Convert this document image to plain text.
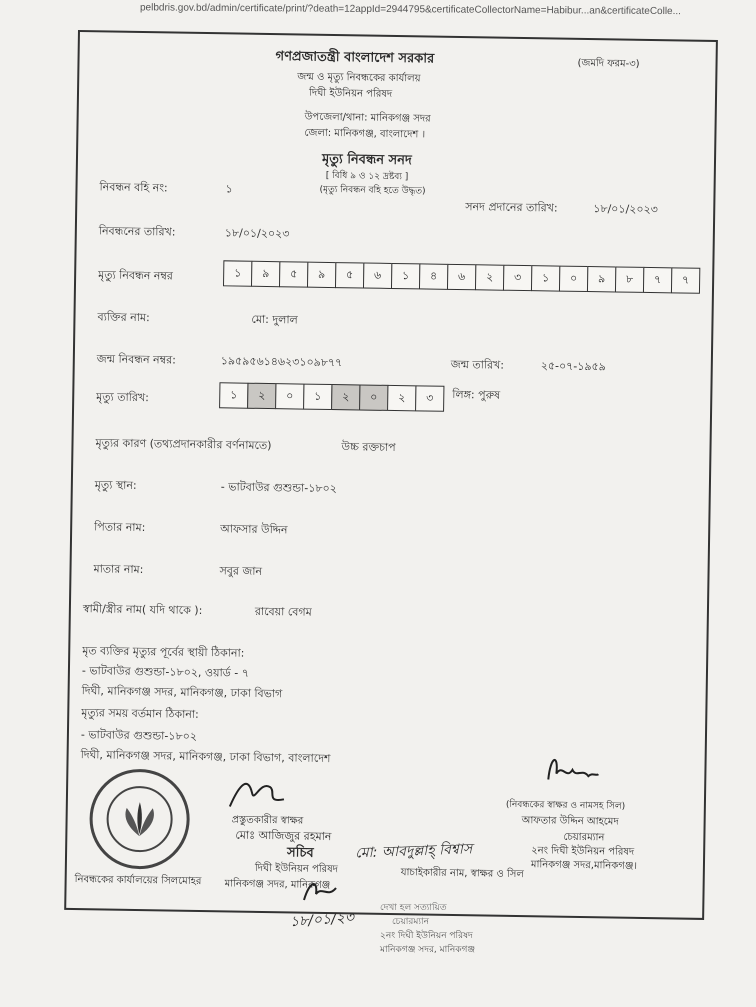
pelbdris.gov.bd/admin/certificate/print/?death=12appId=2944795&certificateCollectorName=Habibur...an&certificateColle...
গণপ্রজাতন্ত্রী বাংলাদেশ সরকার	(জমদি ফরম-৩)
জন্ম ও মৃত্যু নিবন্ধকের কার্যালয়
দিঘী ইউনিয়ন পরিষদ
উপজেলা/থানা: মানিকগঞ্জ সদর
জেলা: মানিকগঞ্জ, বাংলাদেশ ।
মৃত্যু নিবন্ধন সনদ
[ বিধি ৯ ও ১২ দ্রষ্টব্য ]
(মৃত্যু নিবন্ধন বহি হতে উদ্ধৃত)
নিবন্ধন বহি নং:	১
সনদ প্রদানের তারিখ:	১৮/০১/২০২৩
নিবন্ধনের তারিখ:	১৮/০১/২০২৩
মৃত্যু নিবন্ধন নম্বর	১	৯	৫	৯	৫	৬	১	৪	৬	২	৩	১	০	৯	৮	৭	৭
ব্যক্তির নাম:	মো: দুলাল
জন্ম নিবন্ধন নম্বর:	১৯৫৯৫৬১৪৬২৩১০৯৮৭৭	জন্ম তারিখ:	২৫-০৭-১৯৫৯
মৃত্যু তারিখ:	১	২	০	১	২	০	২	৩	লিঙ্গ: পুরুষ
মৃত্যুর কারণ (তথ্যপ্রদানকারীর বর্ণনামতে)	উচ্চ রক্তচাপ
মৃত্যু স্থান:	- ভাটবাউর গুশুন্ডা-১৮০২
পিতার নাম:	আফসার উদ্দিন
মাতার নাম:	সবুর জান
স্বামী/স্ত্রীর নাম( যদি থাকে ):	রাবেয়া বেগম
মৃত ব্যক্তির মৃত্যুর পূর্বের স্থায়ী ঠিকানা:
- ভাটবাউর গুশুন্ডা-১৮০২, ওয়ার্ড - ৭
দিঘী, মানিকগঞ্জ সদর, মানিকগঞ্জ, ঢাকা বিভাগ
মৃত্যুর সময় বর্তমান ঠিকানা:
- ভাটবাউর গুশুন্ডা-১৮০২
দিঘী, মানিকগঞ্জ সদর, মানিকগঞ্জ, ঢাকা বিভাগ, বাংলাদেশ
নিবন্ধকের কার্যালয়ের সিলমোহর
প্রস্তুতকারীর স্বাক্ষর
মোঃ আজিজুর রহমান
সচিব
দিঘী ইউনিয়ন পরিষদ
মানিকগঞ্জ সদর, মানিকগঞ্জ
মো: আবদুল্লাহ্ বিশ্বাস
যাচাইকারীর নাম, স্বাক্ষর ও সিল
(নিবন্ধকের স্বাক্ষর ও নামসহ সিল)
আফতার উদ্দিন আহমেদ
চেয়ারম্যান
২নং দিঘী ইউনিয়ন পরিষদ
মানিকগঞ্জ সদর,মানিকগঞ্জ।
১৮/০১/২৩
দেখা হল সত্যায়িত
চেয়ারম্যান
২নং দিঘী ইউনিয়ন পরিষদ
মানিকগঞ্জ সদর, মানিকগঞ্জ
